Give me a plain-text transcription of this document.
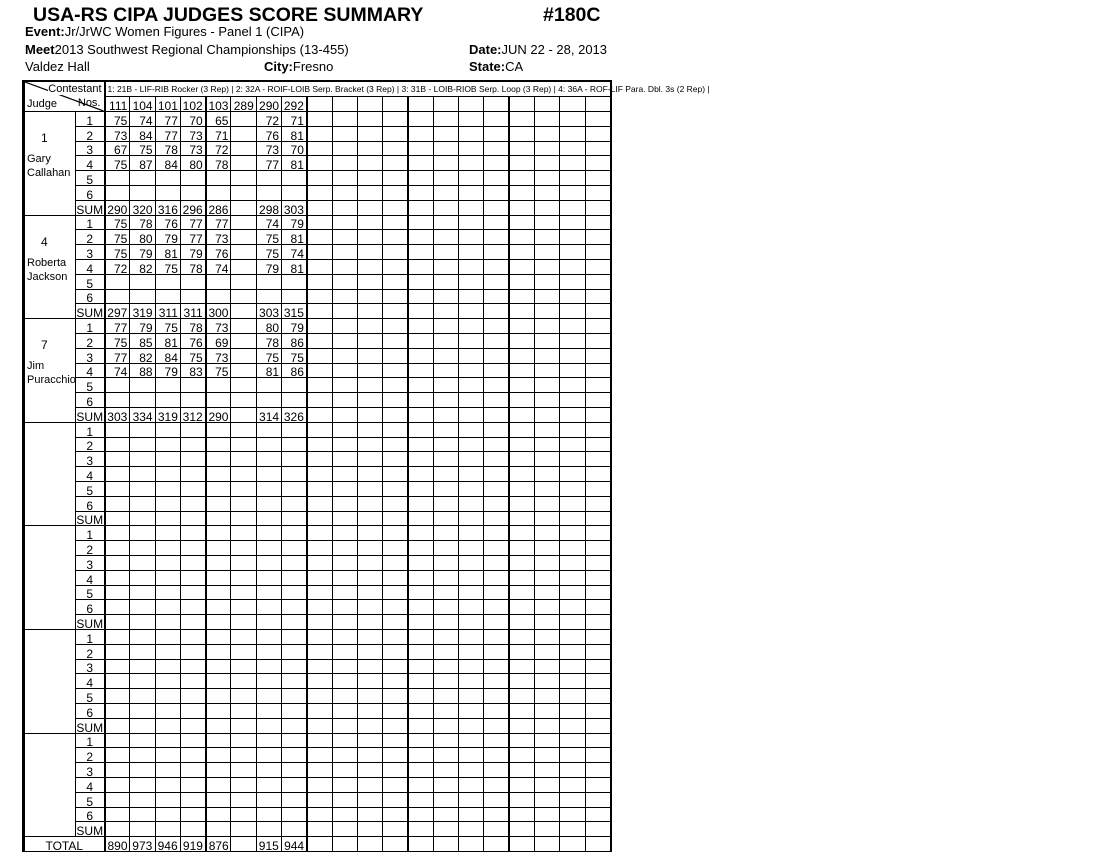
USA-RS CIPA JUDGES SCORE SUMMARY	#180C
Event:Jr/JrWC Women Figures - Panel 1 (CIPA)
Meet2013 Southwest Regional Championships (13-455)	Date:JUN 22 - 28, 2013
Valdez Hall	City:Fresno	State:CA
Contestant
Nos.
Judge		1: 21B - LIF-RIB Rocker (3 Rep) | 2: 32A - ROIF-LOIB Serp. Bracket (3 Rep) | 3: 31B - LOIB-RIOB Serp. Loop (3 Rep) | 4: 36A - ROF-LIF Para. Dbl. 3s (2 Rep) |																			
		111	104	101	102	103	289	290	292												

1
Gary
Callahan	1	75	74	77	70	65		72	71												
	2	73	84	77	73	71		76	81												
	3	67	75	78	73	72		73	70												
	4	75	87	84	80	78		77	81												
	5																				
	6																				
	SUM	290	320	316	296	286		298	303												

4
Roberta
Jackson	1	75	78	76	77	77		74	79												
	2	75	80	79	77	73		75	81												
	3	75	79	81	79	76		75	74												
	4	72	82	75	78	74		79	81												
	5																				
	6																				
	SUM	297	319	311	311	300		303	315												

7
Jim
Puracchio	1	77	79	75	78	73		80	79												
	2	75	85	81	76	69		78	86												
	3	77	82	84	75	73		75	75												
	4	74	88	79	83	75		81	86												
	5																				
	6																				
	SUM	303	334	319	312	290		314	326												

	1																				
	2																				
	3																				
	4																				
	5																				
	6																				
	SUM																				

	1																				
	2																				
	3																				
	4																				
	5																				
	6																				
	SUM																				

	1																				
	2																				
	3																				
	4																				
	5																				
	6																				
	SUM																				

	1																				
	2																				
	3																				
	4																				
	5																				
	6																				
	SUM																				
TOTAL		890	973	946	919	876		915	944												
